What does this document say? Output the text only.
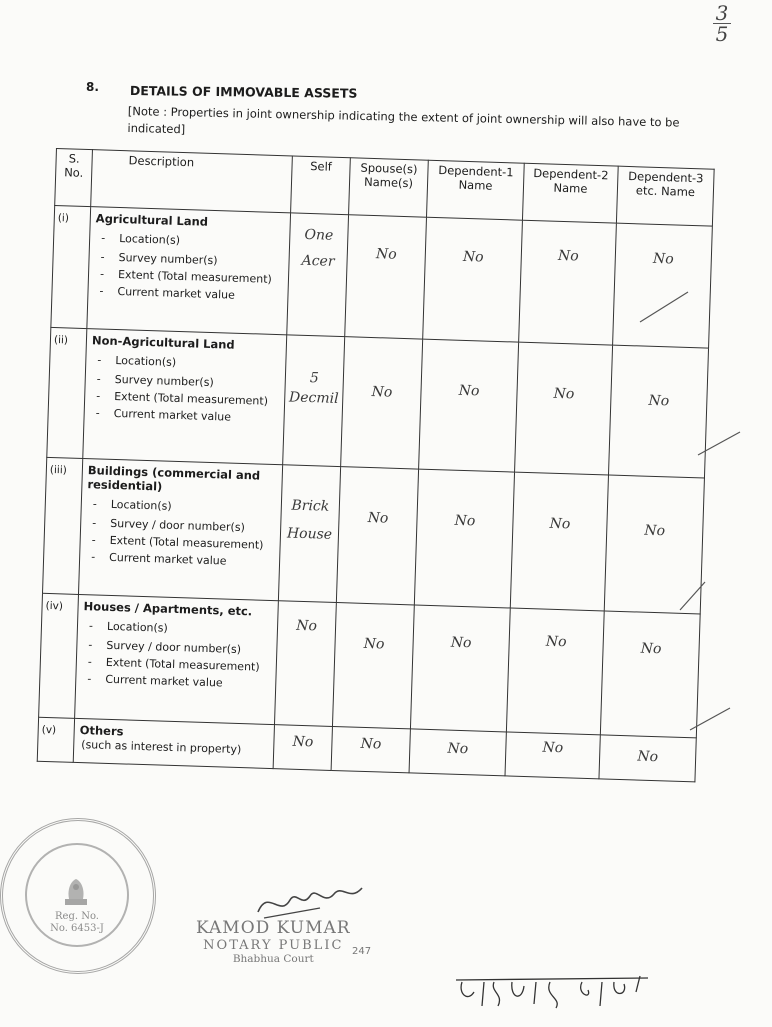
3
5
8. DETAILS OF IMMOVABLE ASSETS
[Note : Properties in joint ownership indicating the extent of joint ownership will also have to be indicated]
S. No.	Description	Self	Spouse(s) Name(s)	Dependent-1 Name	Dependent-2 Name	Dependent-3 etc. Name
(i)	Agricultural Land
- Location(s)
- Survey number(s)
- Extent (Total measurement)
- Current market value	One Acer	No	No	No	No

(ii)	Non-Agricultural Land
- Location(s)
- Survey number(s)
- Extent (Total measurement)
- Current market value	5 Decmil	No	No	No	No

(iii)	Buildings (commercial and residential)
- Location(s)
- Survey / door number(s)
- Extent (Total measurement)
- Current market value	Brick House	No	No	No	No

(iv)	Houses / Apartments, etc.
- Location(s)
- Survey / door number(s)
- Extent (Total measurement)
- Current market value	No	No	No	No	No

(v)	Others
(such as interest in property)	No	No	No	No	No
Reg. No.
No. 6453-J	KAMOD KUMAR
NOTARY PUBLIC
Bhabhua Court
247
